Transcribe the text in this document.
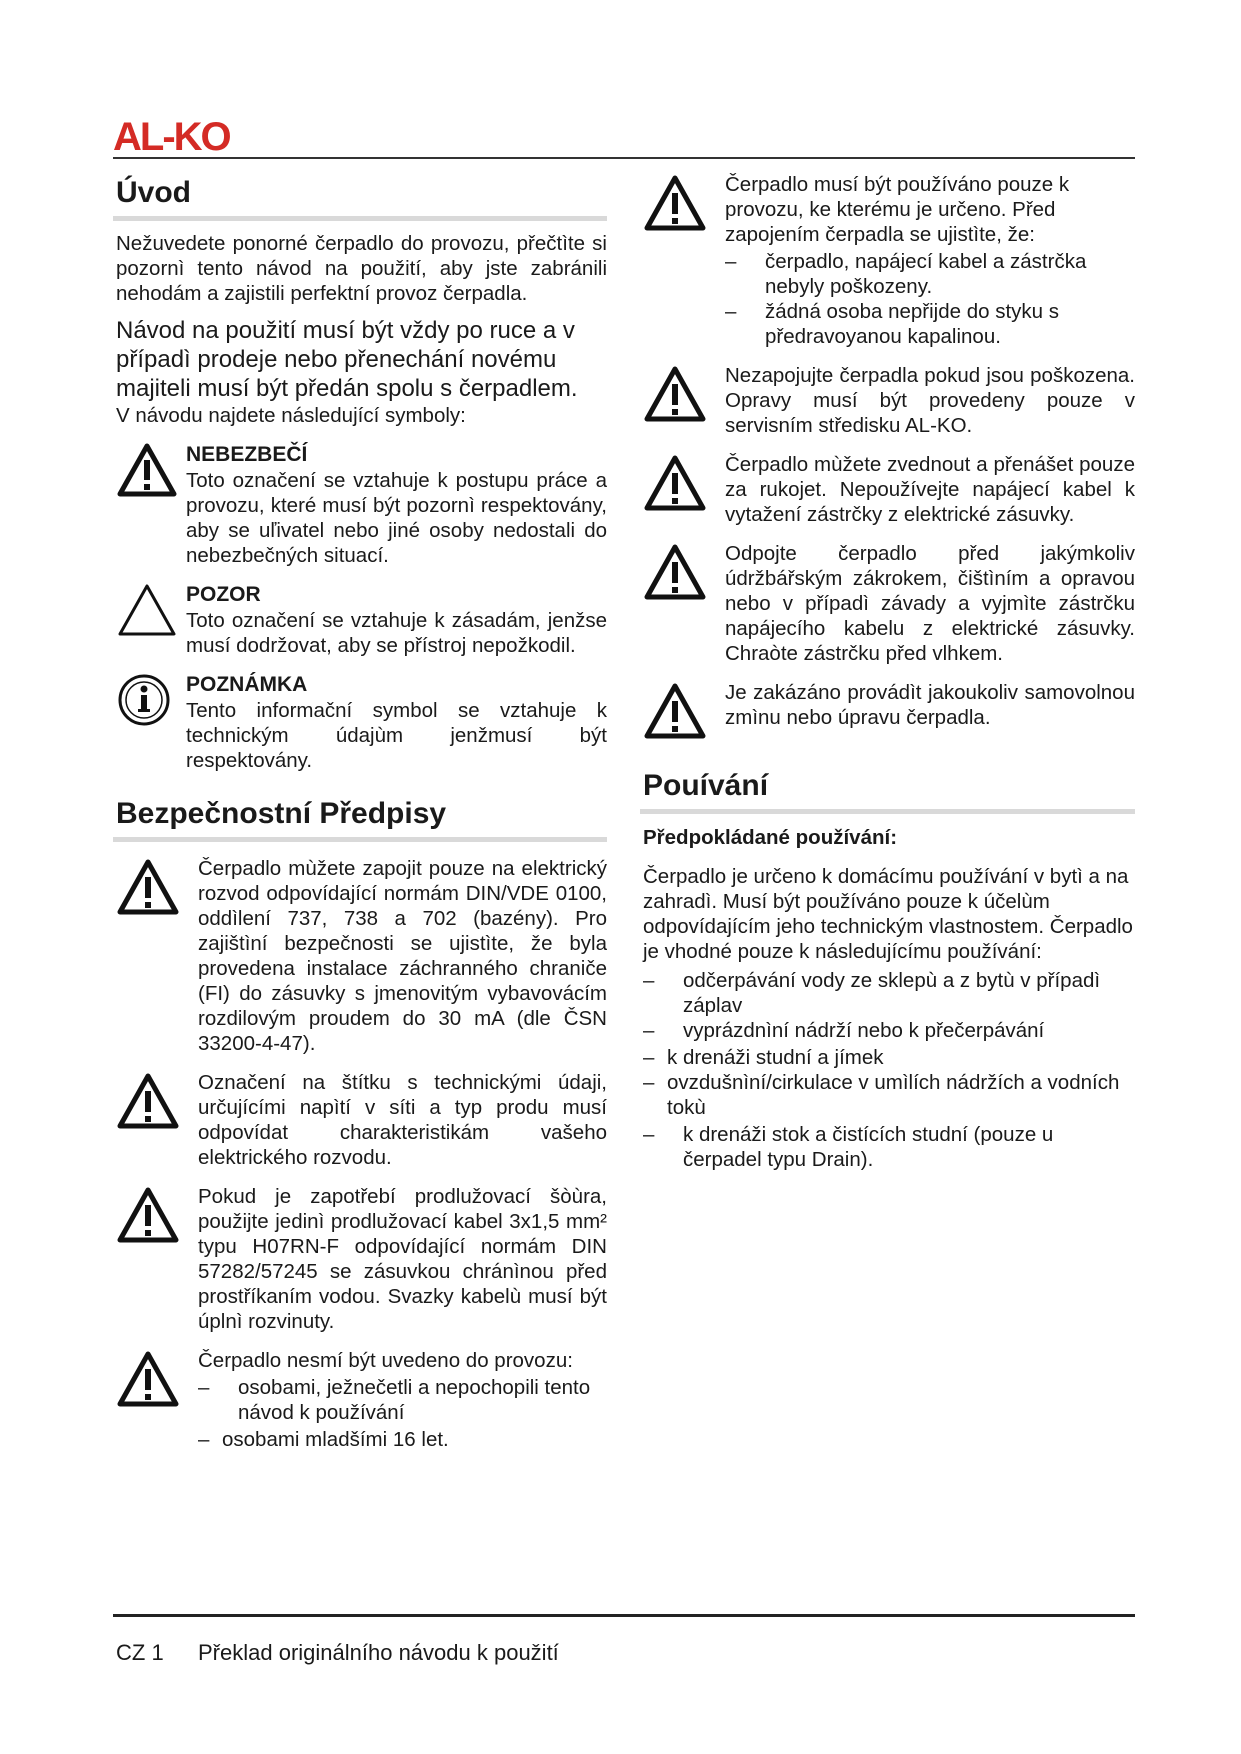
AL-KO
Úvod

Nežuvedete ponorné čerpadlo do provozu, přečtìte si pozornì tento návod na použití, aby jste zabránili nehodám a zajistili perfektní provoz čerpadla.

Návod na použití musí být vždy po ruce a v případì prodeje nebo přenechání novému majiteli musí být předán spolu s čerpadlem.

V návodu najdete následující symboly:

NEBEZBEČÍ
Toto označení se vztahuje k postupu práce a provozu, které musí být pozornì respektovány, aby se uľivatel nebo jiné osoby nedostali do nebezbečných situací.
POZOR
Toto označení se vztahuje k zásadám, jenžse musí dodržovat, aby se přístroj nepožkodil.
POZNÁMKA
Tento informační symbol se vztahuje k technickým údajùm jenžmusí být respektovány.
Bezpečnostní Předpisy
Čerpadlo mùžete zapojit pouze na elektrický rozvod odpovídající normám DIN/VDE 0100, oddìlení 737, 738 a 702 (bazény). Pro zajištìní bezpečnosti se ujistìte, že byla provedena instalace záchranného chraniče (FI) do zásuvky s jmenovitým vybavovácím rozdilovým proudem do 30 mA (dle ČSN 33200-4-47).
Označení na štítku s technickými údaji, určujícími napìtí v síti a typ produ musí odpovídat charakteristikám vašeho elektrického rozvodu.
Pokud je zapotřebí prodlužovací šòùra, použijte jedinì prodlužovací kabel 3x1,5 mm² typu H07RN-F odpovídající normám DIN 57282/57245 se zásuvkou chránìnou před prostříkaním vodou. Svazky kabelù musí být úplnì rozvinuty.
Čerpadlo nesmí být uvedeno do provozu:
– osobami, ježnečetli a nepochopili tento návod k používání
– osobami mladšími 16 let.
Čerpadlo musí být používáno pouze k provozu, ke kterému je určeno. Před zapojením čerpadla se ujistìte, že:
– čerpadlo, napájecí kabel a zástrčka nebyly poškozeny.
– žádná osoba nepřijde do styku s předravoyanou kapalinou.
Nezapojujte čerpadla pokud jsou poškozena. Opravy musí být provedeny pouze v servisním středisku AL-KO.
Čerpadlo mùžete zvednout a přenášet pouze za rukojet. Nepoužívejte napájecí kabel k vytažení zástrčky z elektrické zásuvky.
Odpojte čerpadlo před jakýmkoliv údržbářským zákrokem, čištìním a opravou nebo v případì závady a vyjmìte zástrčku napájecího kabelu z elektrické zásuvky. Chraòte zástrčku před vlhkem.
Je zakázáno provádìt jakoukoliv samovolnou zmìnu nebo úpravu čerpadla.
Pouívání
Předpokládané používání:
Čerpadlo je určeno k domácímu používání v bytì a na zahradì. Musí být používáno pouze k účelùm odpovídajícím jeho technickým vlastnostem. Čerpadlo je vhodné pouze k následujícímu používání:
– odčerpávání vody ze sklepù a z bytù v případì záplav
– vyprázdnìní nádrží nebo k přečerpávání
– k drenáži studní a jímek
– ovzdušnìní/cirkulace v umìlích nádržích a vodních tokù
– k drenáži stok a čistících studní (pouze u čerpadel typu Drain).
CZ 1 Překlad originálního návodu k použití
